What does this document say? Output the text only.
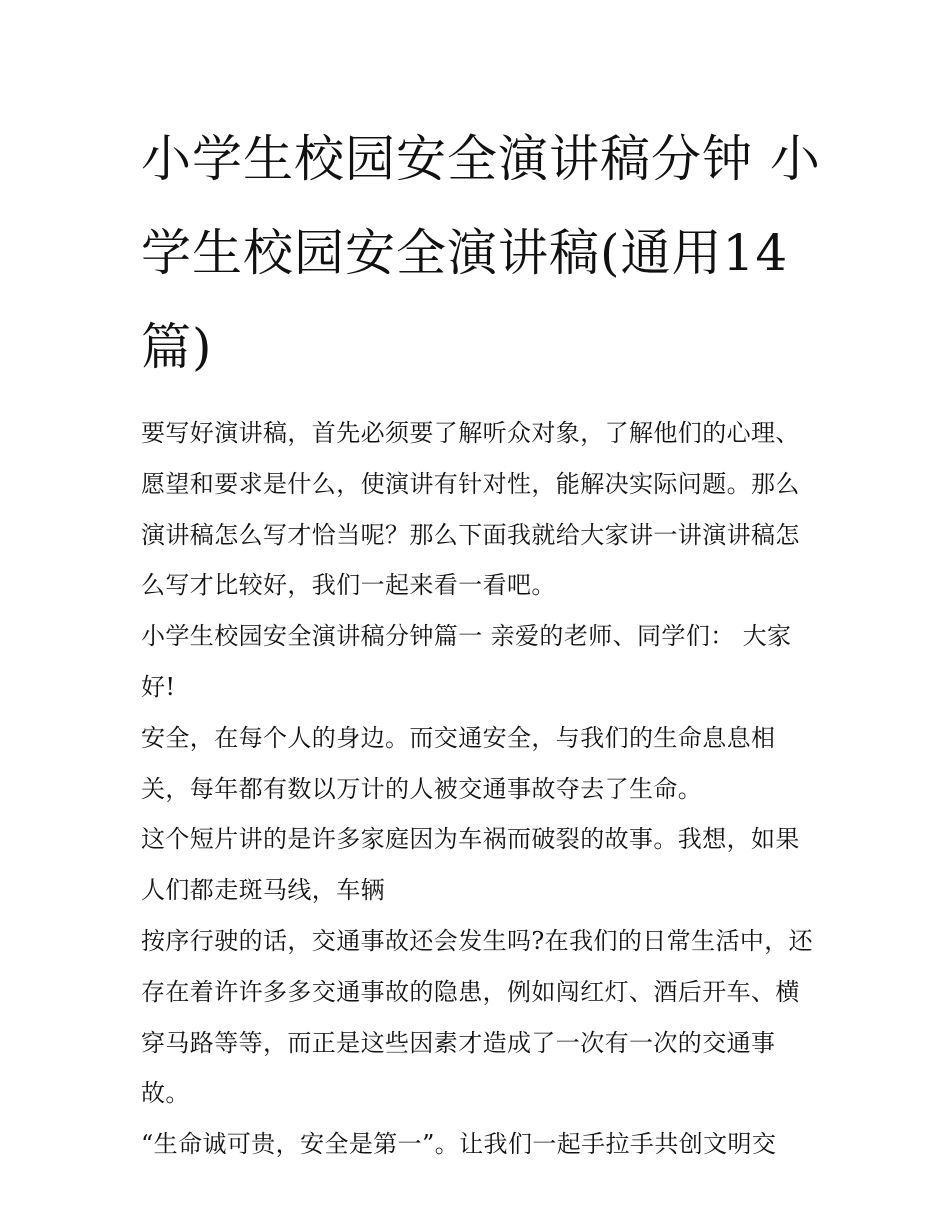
小学生校园安全演讲稿分钟 小学生校园安全演讲稿(通用14篇)

要写好演讲稿，首先必须要了解听众对象，了解他们的心理、愿望和要求是什么，使演讲有针对性，能解决实际问题。那么演讲稿怎么写才恰当呢？那么下面我就给大家讲一讲演讲稿怎么写才比较好，我们一起来看一看吧。

小学生校园安全演讲稿分钟篇一 亲爱的老师、同学们： 大家好!

安全，在每个人的身边。而交通安全，与我们的生命息息相关，每年都有数以万计的人被交通事故夺去了生命。

这个短片讲的是许多家庭因为车祸而破裂的故事。我想，如果人们都走斑马线，车辆

按序行驶的话，交通事故还会发生吗?在我们的日常生活中，还存在着许许多多交通事故的隐患，例如闯红灯、酒后开车、横穿马路等等，而正是这些因素才造成了一次有一次的交通事故。

“生命诚可贵，安全是第一”。让我们一起手拉手共创文明交
